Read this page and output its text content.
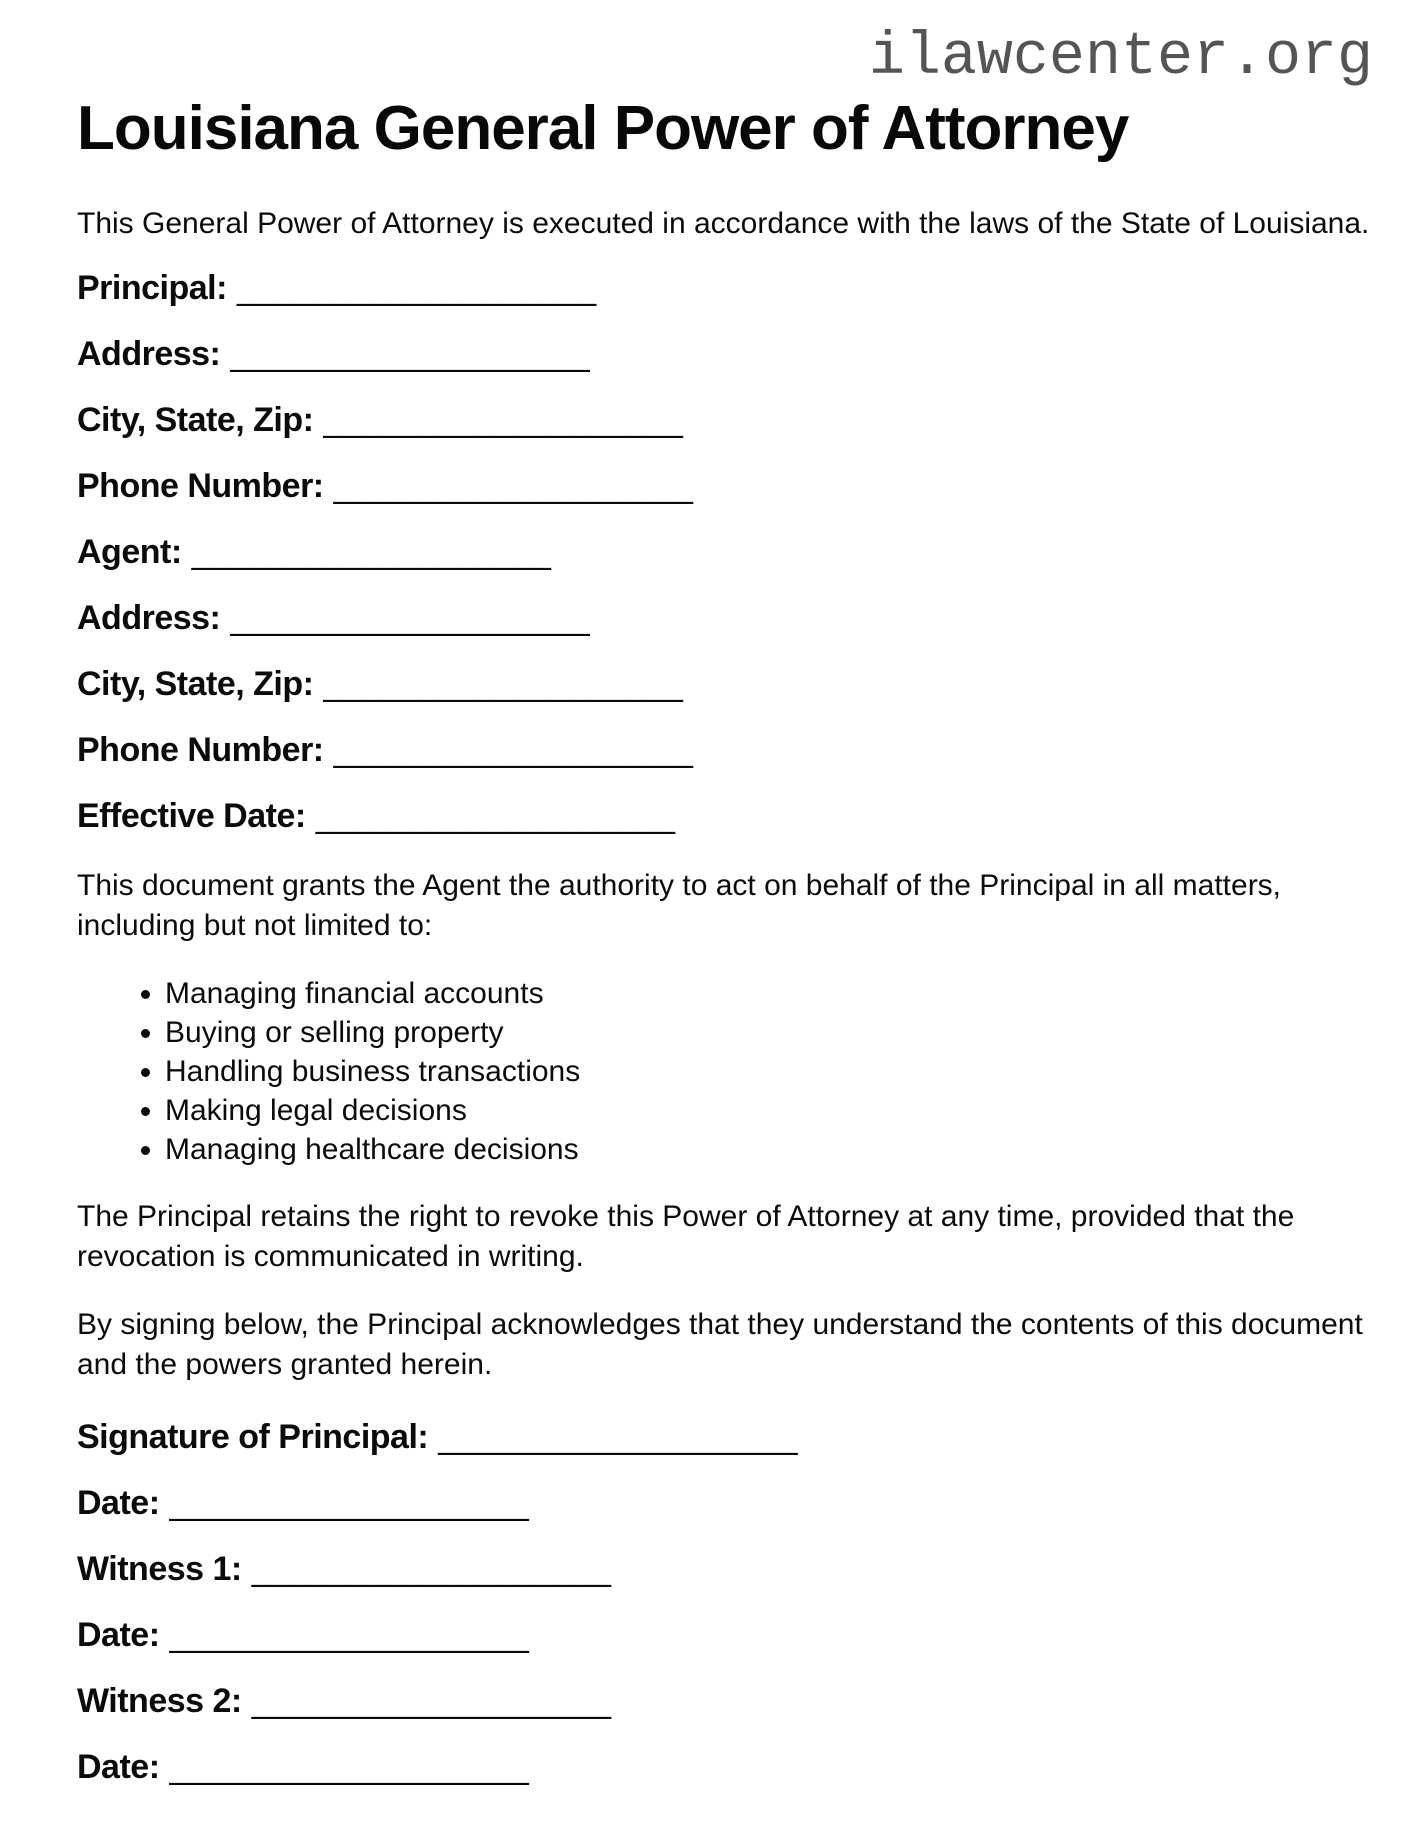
ilawcenter.org
Louisiana General Power of Attorney

This General Power of Attorney is executed in accordance with the laws of the State of Louisiana.

Principal: ___________________
Address: ___________________
City, State, Zip: ___________________
Phone Number: ___________________
Agent: ___________________
Address: ___________________
City, State, Zip: ___________________
Phone Number: ___________________
Effective Date: ___________________

This document grants the Agent the authority to act on behalf of the Principal in all matters, including but not limited to:

• Managing financial accounts
• Buying or selling property
• Handling business transactions
• Making legal decisions
• Managing healthcare decisions

The Principal retains the right to revoke this Power of Attorney at any time, provided that the revocation is communicated in writing.

By signing below, the Principal acknowledges that they understand the contents of this document and the powers granted herein.

Signature of Principal: ___________________
Date: ___________________
Witness 1: ___________________
Date: ___________________
Witness 2: ___________________
Date: ___________________
